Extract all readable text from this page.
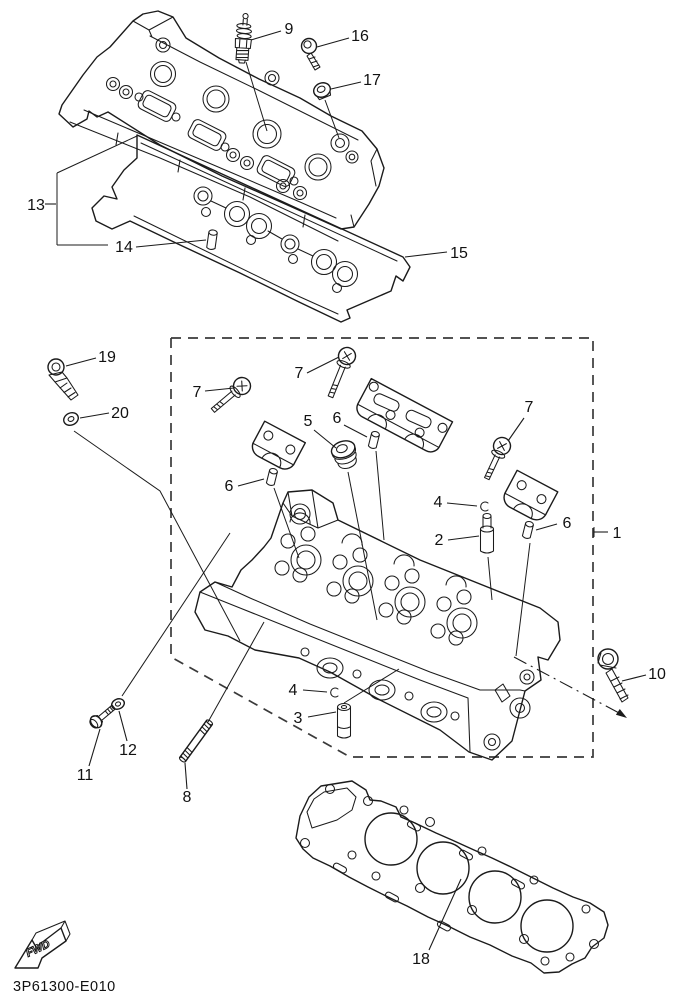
FWD
3P61300-E010
9	16
17
13
14	15
19
20
7
7
7
5 6
6
6
4
2	1
10
4
3
8
11
12
18
